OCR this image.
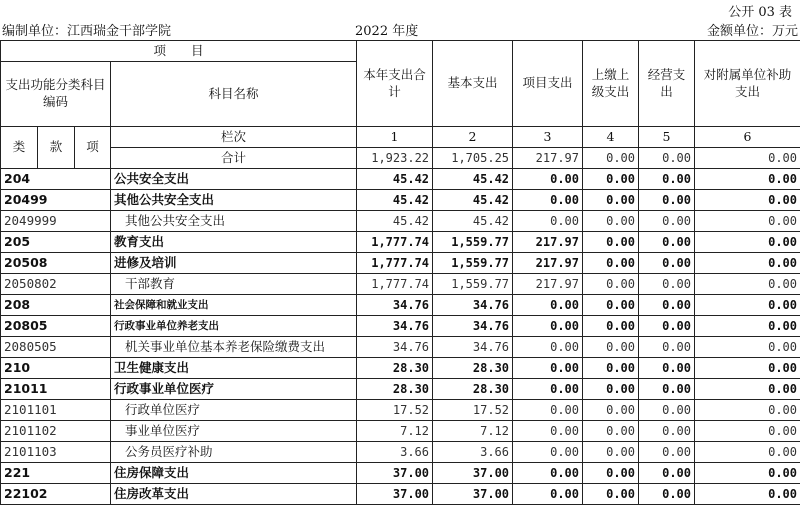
公开 03 表
编制单位：江西瑞金干部学院	2022 年度	金额单位：万元
项　　目				本年支出合计	基本支出	项目支出	上缴上级支出	经营支出	对附属单位补助支出
支出功能分类科目编码			科目名称						

类	款	项	栏次	1	2	3	4	5	6
			合计	1,923.22	1,705.25	217.97	0.00	0.00	0.00
204			公共安全支出	45.42	45.42	0.00	0.00	0.00	0.00
20499			其他公共安全支出	45.42	45.42	0.00	0.00	0.00	0.00
2049999			其他公共安全支出	45.42	45.42	0.00	0.00	0.00	0.00
205			教育支出	1,777.74	1,559.77	217.97	0.00	0.00	0.00
20508			进修及培训	1,777.74	1,559.77	217.97	0.00	0.00	0.00
2050802			干部教育	1,777.74	1,559.77	217.97	0.00	0.00	0.00
208			社会保障和就业支出	34.76	34.76	0.00	0.00	0.00	0.00
20805			行政事业单位养老支出	34.76	34.76	0.00	0.00	0.00	0.00
2080505			机关事业单位基本养老保险缴费支出	34.76	34.76	0.00	0.00	0.00	0.00
210			卫生健康支出	28.30	28.30	0.00	0.00	0.00	0.00
21011			行政事业单位医疗	28.30	28.30	0.00	0.00	0.00	0.00
2101101			行政单位医疗	17.52	17.52	0.00	0.00	0.00	0.00
2101102			事业单位医疗	7.12	7.12	0.00	0.00	0.00	0.00
2101103			公务员医疗补助	3.66	3.66	0.00	0.00	0.00	0.00
221			住房保障支出	37.00	37.00	0.00	0.00	0.00	0.00
22102			住房改革支出	37.00	37.00	0.00	0.00	0.00	0.00
